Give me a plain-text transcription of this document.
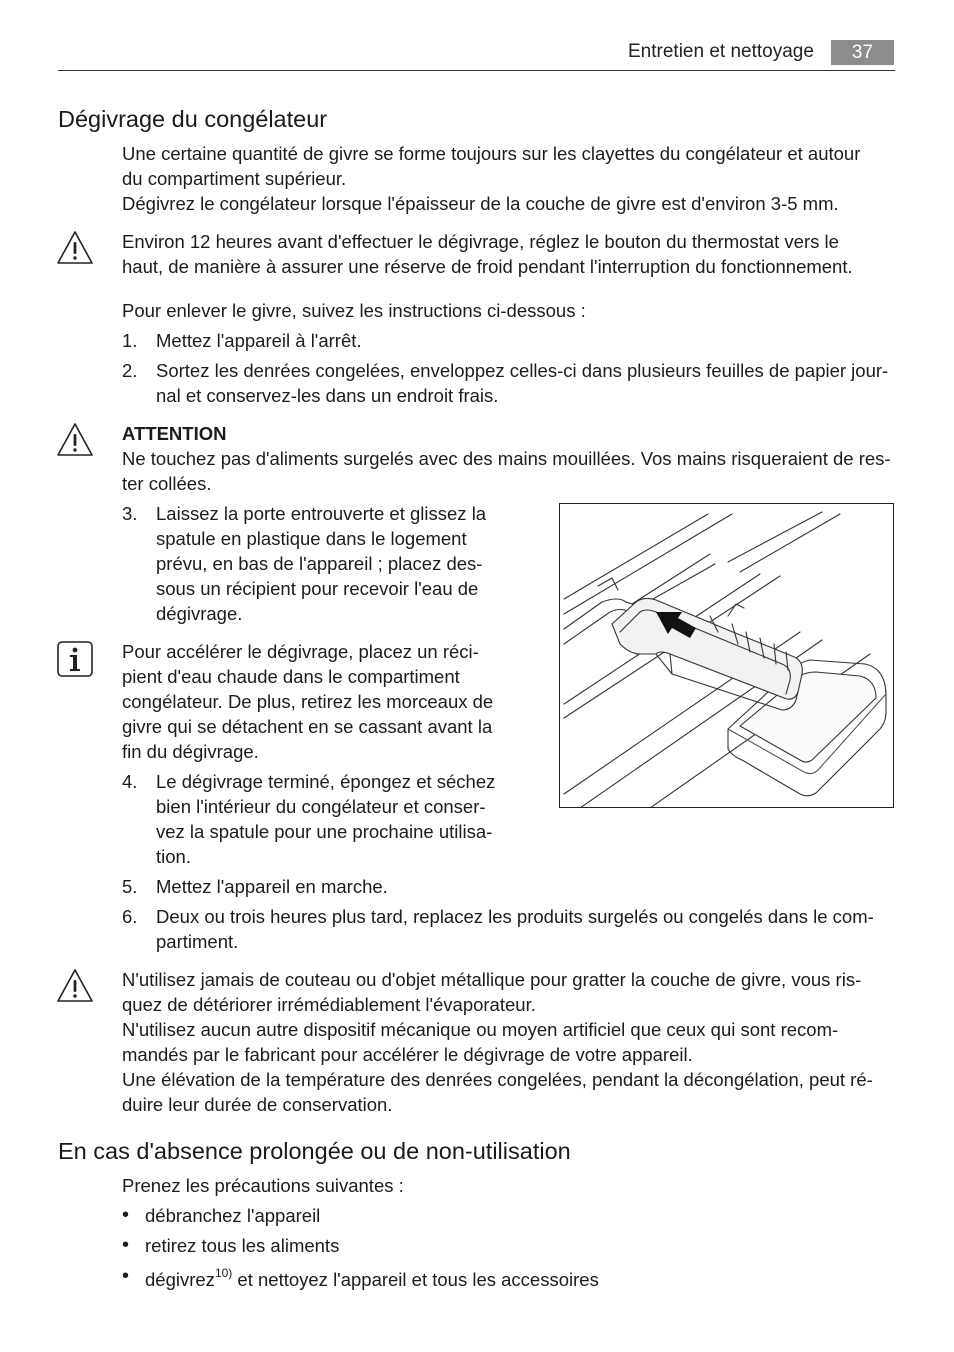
Entretien et nettoyage	37
Dégivrage du congélateur
Une certaine quantité de givre se forme toujours sur les clayettes du congélateur et autour
du compartiment supérieur.
Dégivrez le congélateur lorsque l'épaisseur de la couche de givre est d'environ 3-5 mm.
Environ 12 heures avant d'effectuer le dégivrage, réglez le bouton du thermostat vers le
haut, de manière à assurer une réserve de froid pendant l'interruption du fonctionnement.
Pour enlever le givre, suivez les instructions ci-dessous :
1. Mettez l'appareil à l'arrêt.
2. Sortez les denrées congelées, enveloppez celles-ci dans plusieurs feuilles de papier jour-
nal et conservez-les dans un endroit frais.
ATTENTION
Ne touchez pas d'aliments surgelés avec des mains mouillées. Vos mains risqueraient de res-
ter collées.
3. Laissez la porte entrouverte et glissez la
spatule en plastique dans le logement
prévu, en bas de l'appareil ; placez des-
sous un récipient pour recevoir l'eau de
dégivrage.
Pour accélérer le dégivrage, placez un réci-
pient d'eau chaude dans le compartiment
congélateur. De plus, retirez les morceaux de
givre qui se détachent en se cassant avant la
fin du dégivrage.
4. Le dégivrage terminé, épongez et séchez
bien l'intérieur du congélateur et conser-
vez la spatule pour une prochaine utilisa-
tion.
5. Mettez l'appareil en marche.
6. Deux ou trois heures plus tard, replacez les produits surgelés ou congelés dans le com-
partiment.
N'utilisez jamais de couteau ou d'objet métallique pour gratter la couche de givre, vous ris-
quez de détériorer irrémédiablement l'évaporateur.
N'utilisez aucun autre dispositif mécanique ou moyen artificiel que ceux qui sont recom-
mandés par le fabricant pour accélérer le dégivrage de votre appareil.
Une élévation de la température des denrées congelées, pendant la décongélation, peut ré-
duire leur durée de conservation.
En cas d'absence prolongée ou de non-utilisation
Prenez les précautions suivantes :
• débranchez l'appareil
• retirez tous les aliments
• dégivrez$^{10)}$ et nettoyez l'appareil et tous les accessoires
